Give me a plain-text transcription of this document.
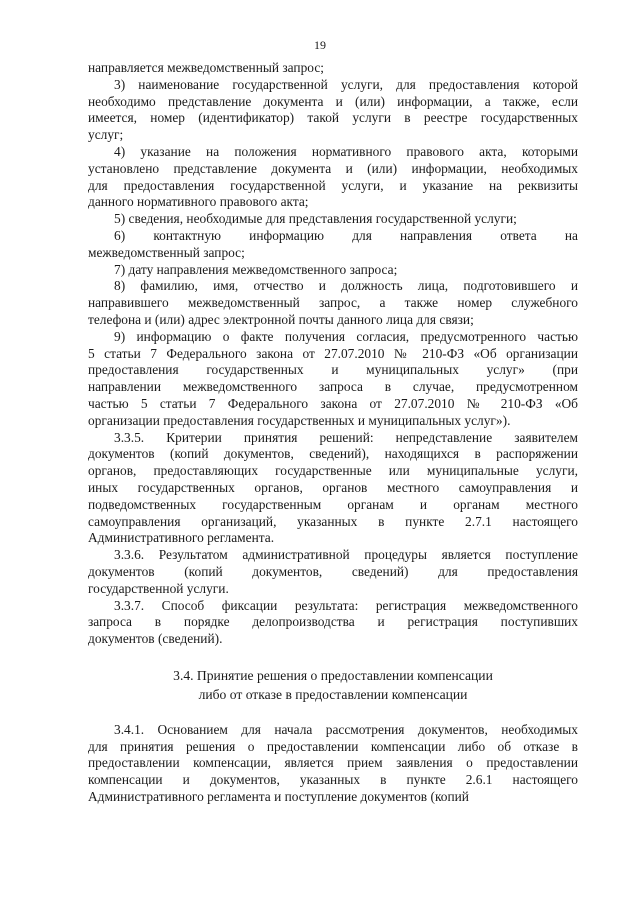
19

направляется межведомственный запрос;

3) наименование государственной услуги, для предоставления которой
необходимо представление документа и (или) информации, а также, если
имеется, номер (идентификатор) такой услуги в реестре государственных
услуг;

4) указание на положения нормативного правового акта, которыми
установлено представление документа и (или) информации, необходимых
для предоставления государственной услуги, и указание на реквизиты
данного нормативного правового акта;

5) сведения, необходимые для представления государственной услуги;

6) контактную информацию для направления ответа на
межведомственный запрос;

7) дату направления межведомственного запроса;

8) фамилию, имя, отчество и должность лица, подготовившего и
направившего межведомственный запрос, а также номер служебного
телефона и (или) адрес электронной почты данного лица для связи;

9) информацию о факте получения согласия, предусмотренного частью
5 статьи 7 Федерального закона от 27.07.2010 № 210-ФЗ «Об организации
предоставления государственных и муниципальных услуг» (при
направлении межведомственного запроса в случае, предусмотренном
частью 5 статьи 7 Федерального закона от 27.07.2010 № 210-ФЗ «Об
организации предоставления государственных и муниципальных услуг»).

3.3.5. Критерии принятия решений: непредставление заявителем
документов (копий документов, сведений), находящихся в распоряжении
органов, предоставляющих государственные или муниципальные услуги,
иных государственных органов, органов местного самоуправления и
подведомственных государственным органам и органам местного
самоуправления организаций, указанных в пункте 2.7.1 настоящего
Административного регламента.

3.3.6. Результатом административной процедуры является поступление
документов (копий документов, сведений) для предоставления
государственной услуги.

3.3.7. Способ фиксации результата: регистрация межведомственного
запроса в порядке делопроизводства и регистрация поступивших
документов (сведений).

3.4. Принятие решения о предоставлении компенсации
либо от отказе в предоставлении компенсации

3.4.1. Основанием для начала рассмотрения документов, необходимых
для принятия решения о предоставлении компенсации либо об отказе в
предоставлении компенсации, является прием заявления о предоставлении
компенсации и документов, указанных в пункте 2.6.1 настоящего
Административного регламента и поступление документов (копий
